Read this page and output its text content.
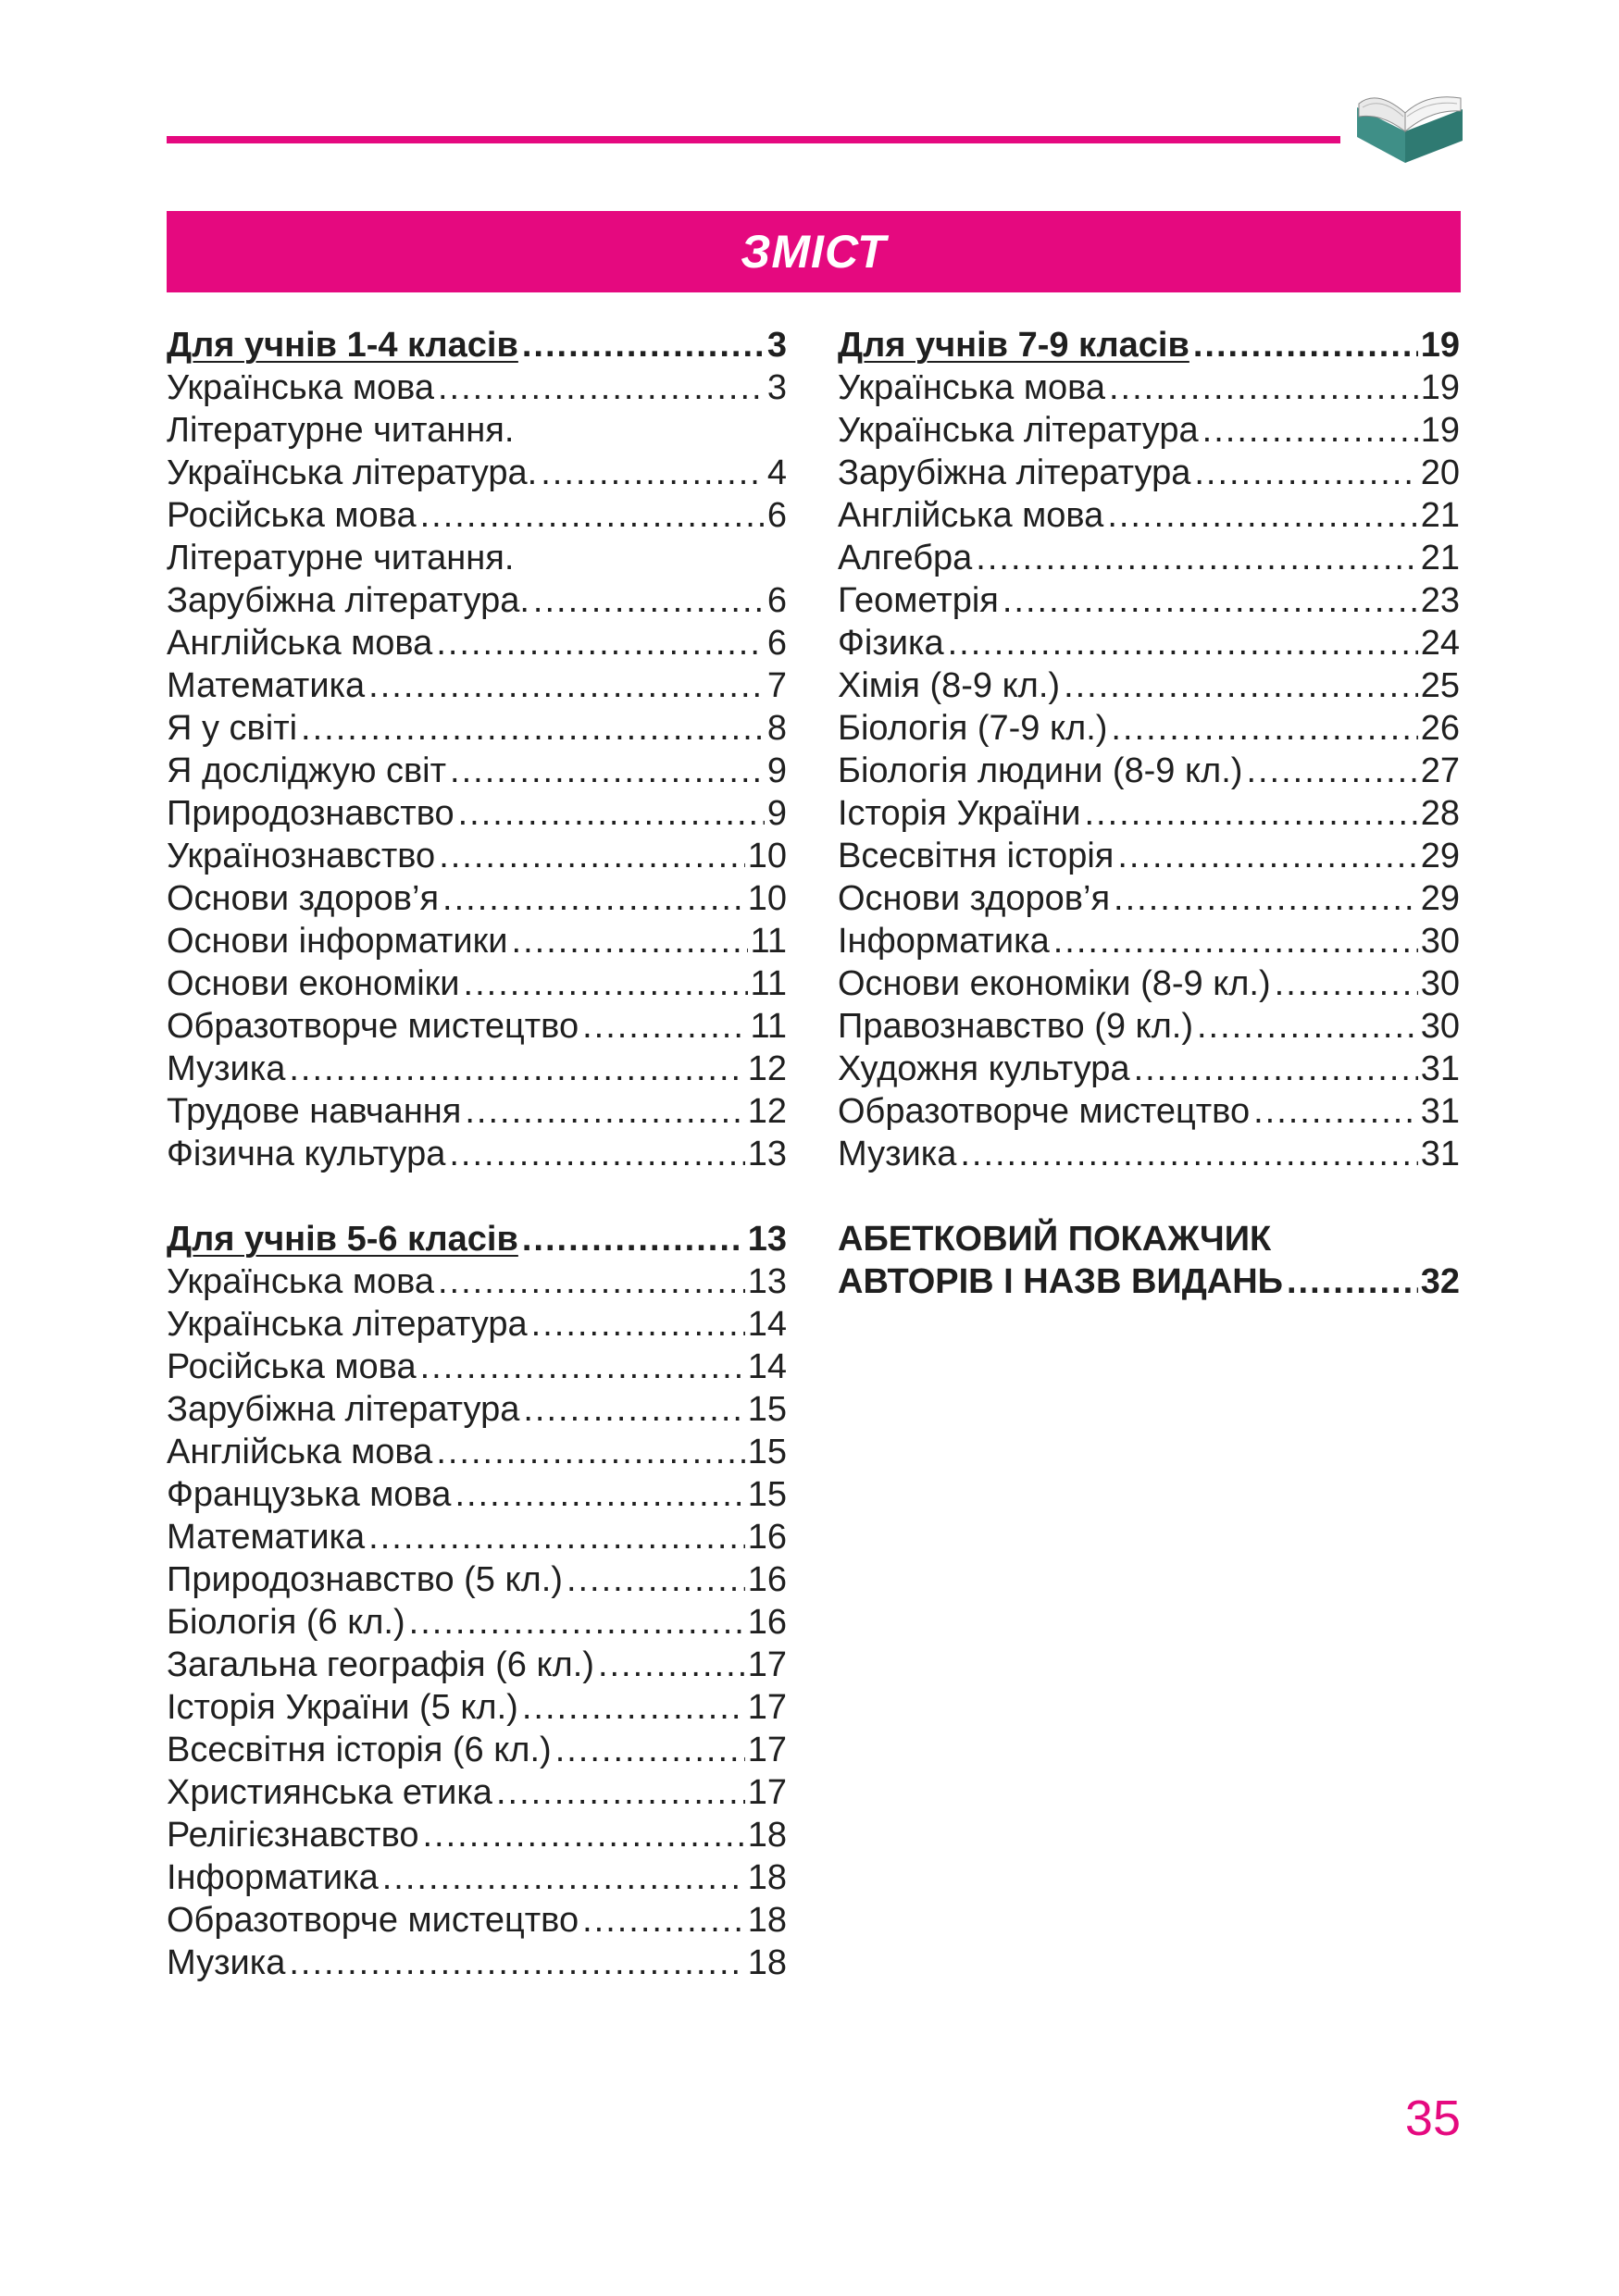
ЗМІСТ
Для учнів 1-4 класів .....	3
Українська мова .....	3
Літературне читання.
Українська література. .....	4
Російська мова .....	6
Літературне читання.
Зарубіжна література. .....	6
Англійська мова .....	6
Математика .....	7
Я у світі .....	8
Я досліджую світ .....	9
Природознавство .....	9
Українознавство .....	10
Основи здоров’я .....	10
Основи інформатики .....	11
Основи економіки .....	11
Образотворче мистецтво .....	11
Музика .....	12
Трудове навчання .....	12
Фізична культура .....	13
Для учнів 5-6 класів .....	13
Українська мова .....	13
Українська література .....	14
Російська мова .....	14
Зарубіжна література .....	15
Англійська мова .....	15
Французька мова .....	15
Математика .....	16
Природознавство (5 кл.) .....	16
Біологія (6 кл.) .....	16
Загальна географія (6 кл.) .....	17
Історія України (5 кл.) .....	17
Всесвітня історія (6 кл.) .....	17
Християнська етика .....	17
Релігієзнавство .....	18
Інформатика .....	18
Образотворче мистецтво .....	18
Музика .....	18
Для учнів 7-9 класів .....	19
Українська мова .....	19
Українська література .....	19
Зарубіжна література .....	20
Англійська мова .....	21
Алгебра .....	21
Геометрія .....	23
Фізика .....	24
Хімія (8-9 кл.) .....	25
Біологія (7-9 кл.) .....	26
Біологія людини (8-9 кл.) .....	27
Історія України .....	28
Всесвітня історія .....	29
Основи здоров’я .....	29
Інформатика .....	30
Основи економіки (8-9 кл.) .....	30
Правознавство (9 кл.) .....	30
Художня культура .....	31
Образотворче мистецтво .....	31
Музика .....	31
АБЕТКОВИЙ ПОКАЖЧИК
АВТОРІВ І НАЗВ ВИДАНЬ .....	32
35
